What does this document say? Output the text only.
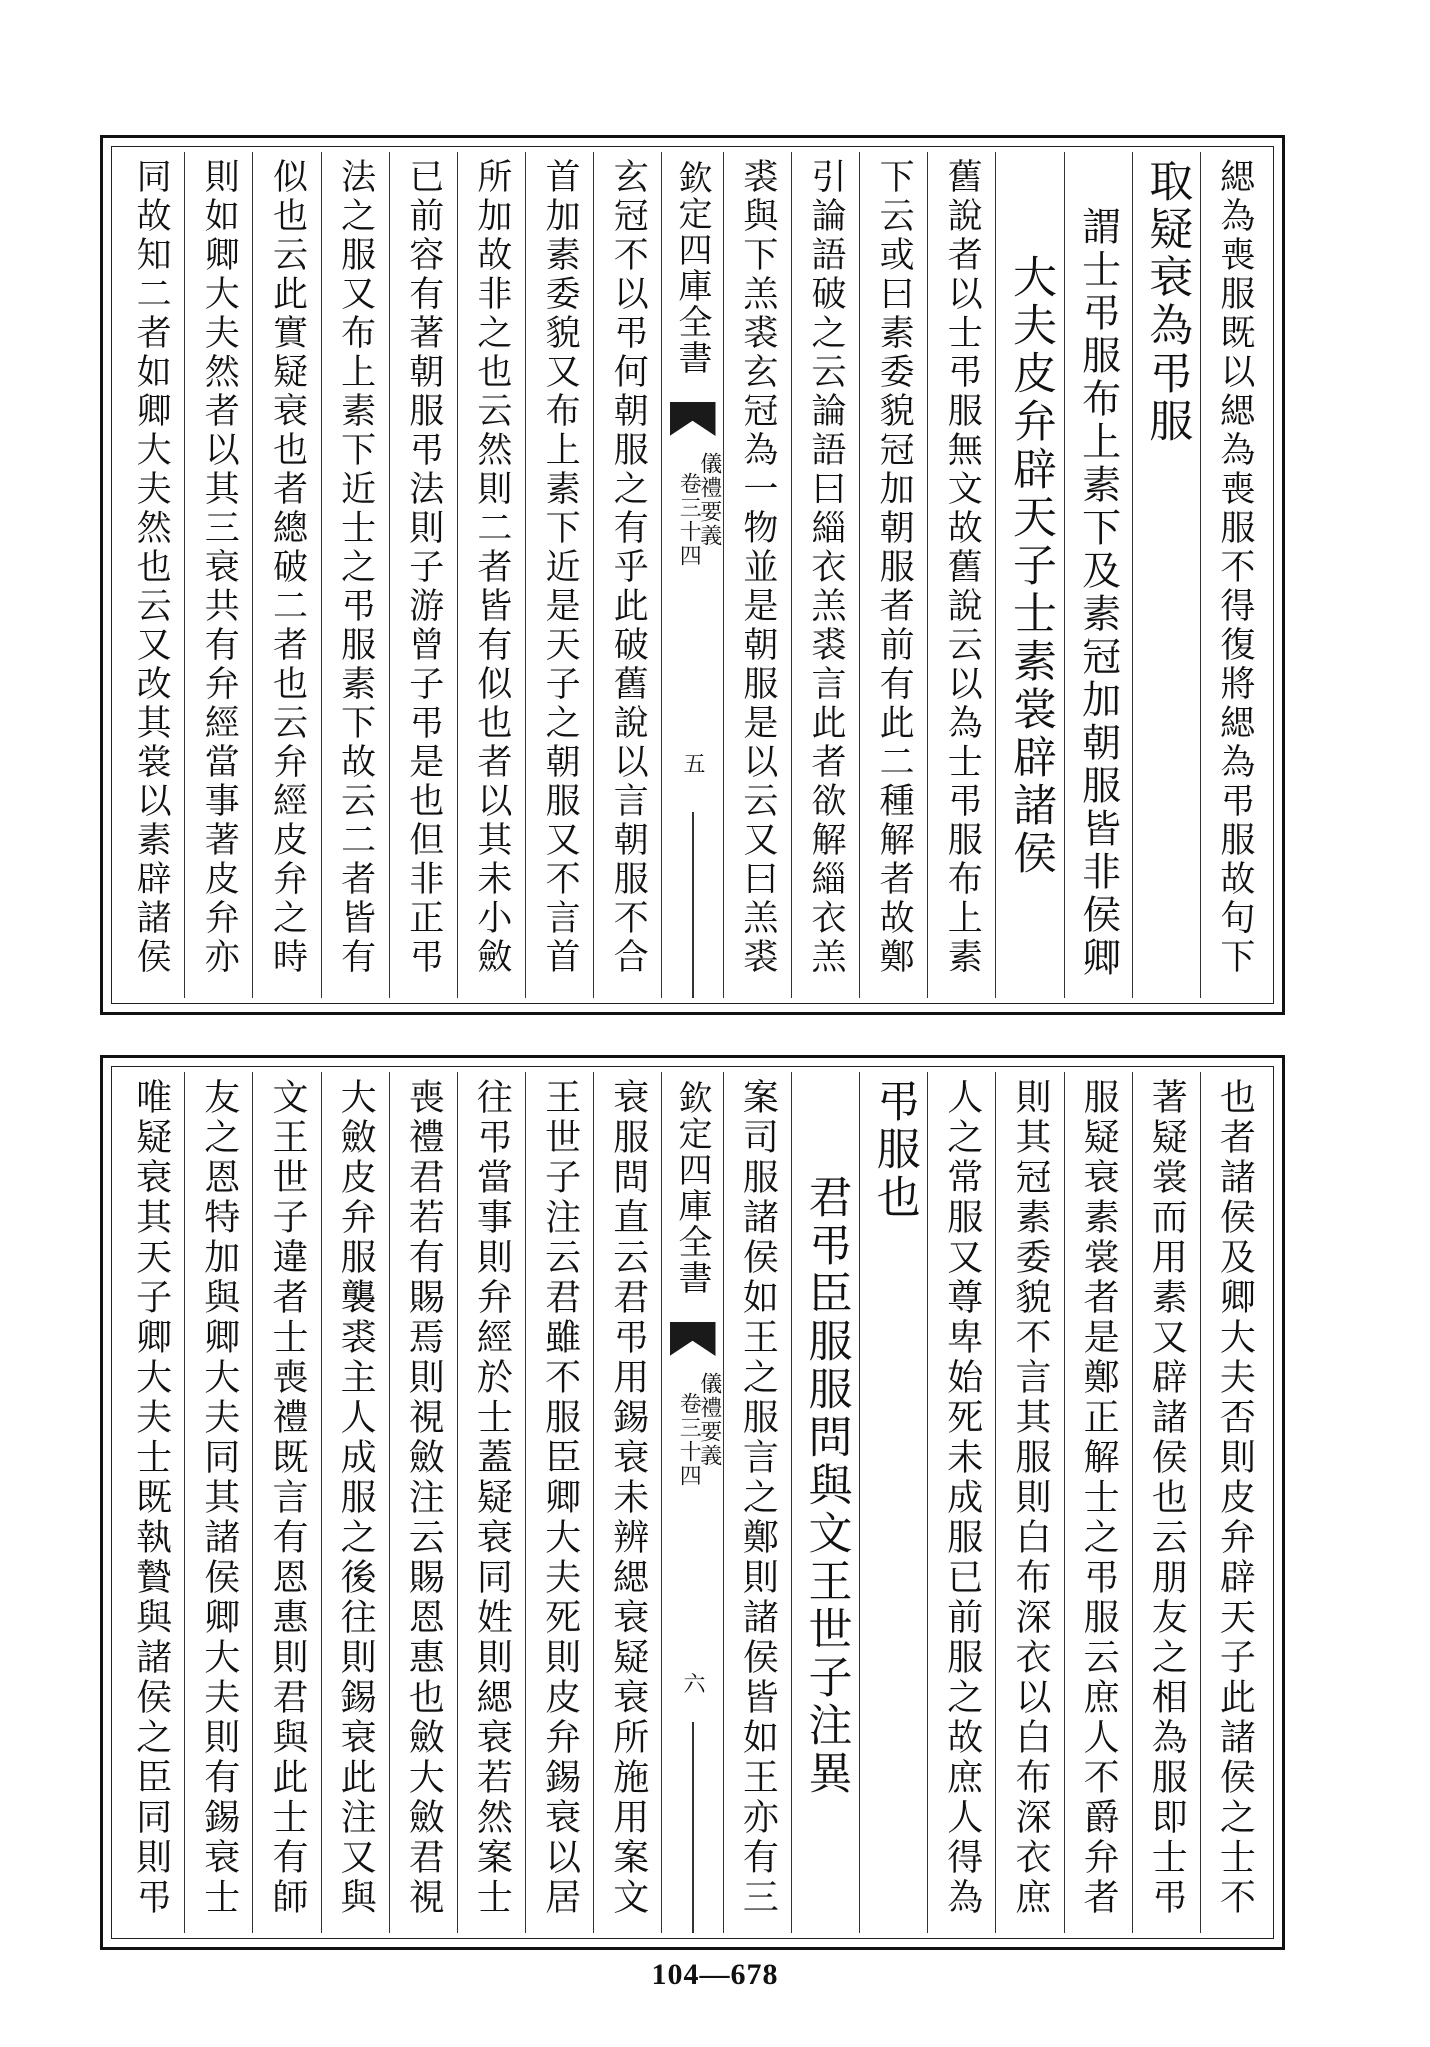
緦為喪服既以緦為喪服不得復將緦為弔服故句下
取疑衰為弔服
謂士弔服布上素下及素冠加朝服皆非侯卿
大夫皮弁辟天子士素裳辟諸侯
舊說者以士弔服無文故舊說云以為士弔服布上素
下云或曰素委貌冠加朝服者前有此二種解者故鄭
引論語破之云論語曰緇衣羔裘言此者欲解緇衣羔
裘與下羔裘玄冠為一物並是朝服是以云又曰羔裘
欽定四庫全書
儀禮要義
卷三十四
五
玄冠不以弔何朝服之有乎此破舊說以言朝服不合
首加素委貌又布上素下近是天子之朝服又不言首
所加故非之也云然則二者皆有似也者以其未小斂
已前容有著朝服弔法則子游曾子弔是也但非正弔
法之服又布上素下近士之弔服素下故云二者皆有
似也云此實疑衰也者總破二者也云弁經皮弁之時
則如卿大夫然者以其三衰共有弁經當事著皮弁亦
同故知二者如卿大夫然也云又改其裳以素辟諸侯
也者諸侯及卿大夫否則皮弁辟天子此諸侯之士不
著疑裳而用素又辟諸侯也云朋友之相為服即士弔
服疑衰素裳者是鄭正解士之弔服云庶人不爵弁者
則其冠素委貌不言其服則白布深衣以白布深衣庶
人之常服又尊卑始死未成服已前服之故庶人得為
弔服也
君弔臣服服問與文王世子注異
案司服諸侯如王之服言之鄭則諸侯皆如王亦有三
欽定四庫全書
儀禮要義
卷三十四
六
衰服問直云君弔用錫衰未辨緦衰疑衰所施用案文
王世子注云君雖不服臣卿大夫死則皮弁錫衰以居
往弔當事則弁經於士蓋疑衰同姓則緦衰若然案士
喪禮君若有賜焉則視斂注云賜恩惠也斂大斂君視
大斂皮弁服襲裘主人成服之後往則錫衰此注又與
文王世子違者士喪禮既言有恩惠則君與此士有師
友之恩特加與卿大夫同其諸侯卿大夫則有錫衰士
唯疑衰其天子卿大夫士既執贄與諸侯之臣同則弔
104—678
